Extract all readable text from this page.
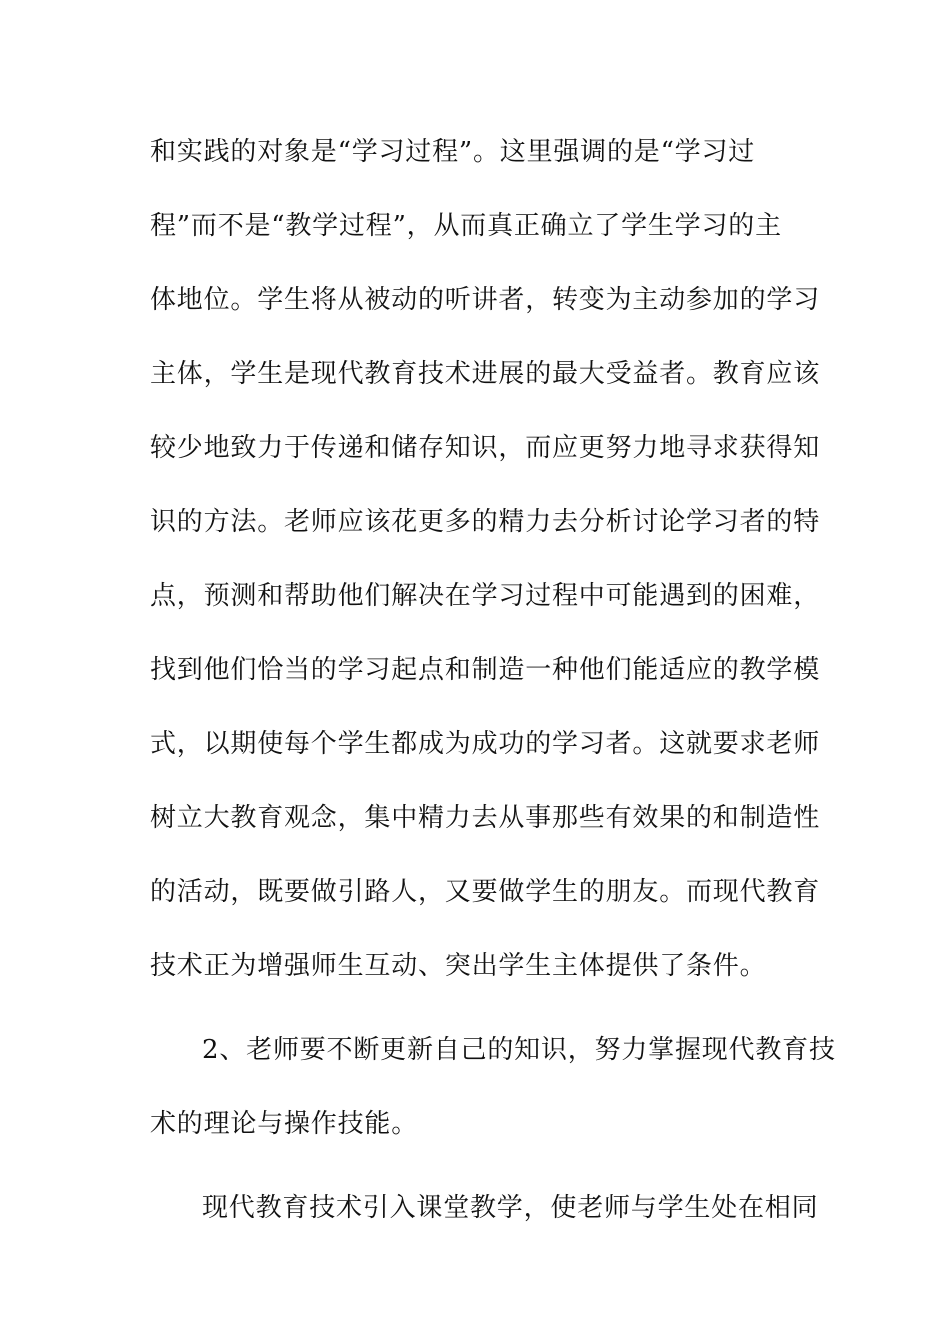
和实践的对象是“学习过程”。这里强调的是“学习过
程”而不是“教学过程”，从而真正确立了学生学习的主
体地位。学生将从被动的听讲者，转变为主动参加的学习
主体，学生是现代教育技术进展的最大受益者。教育应该
较少地致力于传递和储存知识，而应更努力地寻求获得知
识的方法。老师应该花更多的精力去分析讨论学习者的特
点，预测和帮助他们解决在学习过程中可能遇到的困难，
找到他们恰当的学习起点和制造一种他们能适应的教学模
式，以期使每个学生都成为成功的学习者。这就要求老师
树立大教育观念，集中精力去从事那些有效果的和制造性
的活动，既要做引路人，又要做学生的朋友。而现代教育
技术正为增强师生互动、突出学生主体提供了条件。
2、老师要不断更新自己的知识，努力掌握现代教育技
术的理论与操作技能。
现代教育技术引入课堂教学，使老师与学生处在相同
